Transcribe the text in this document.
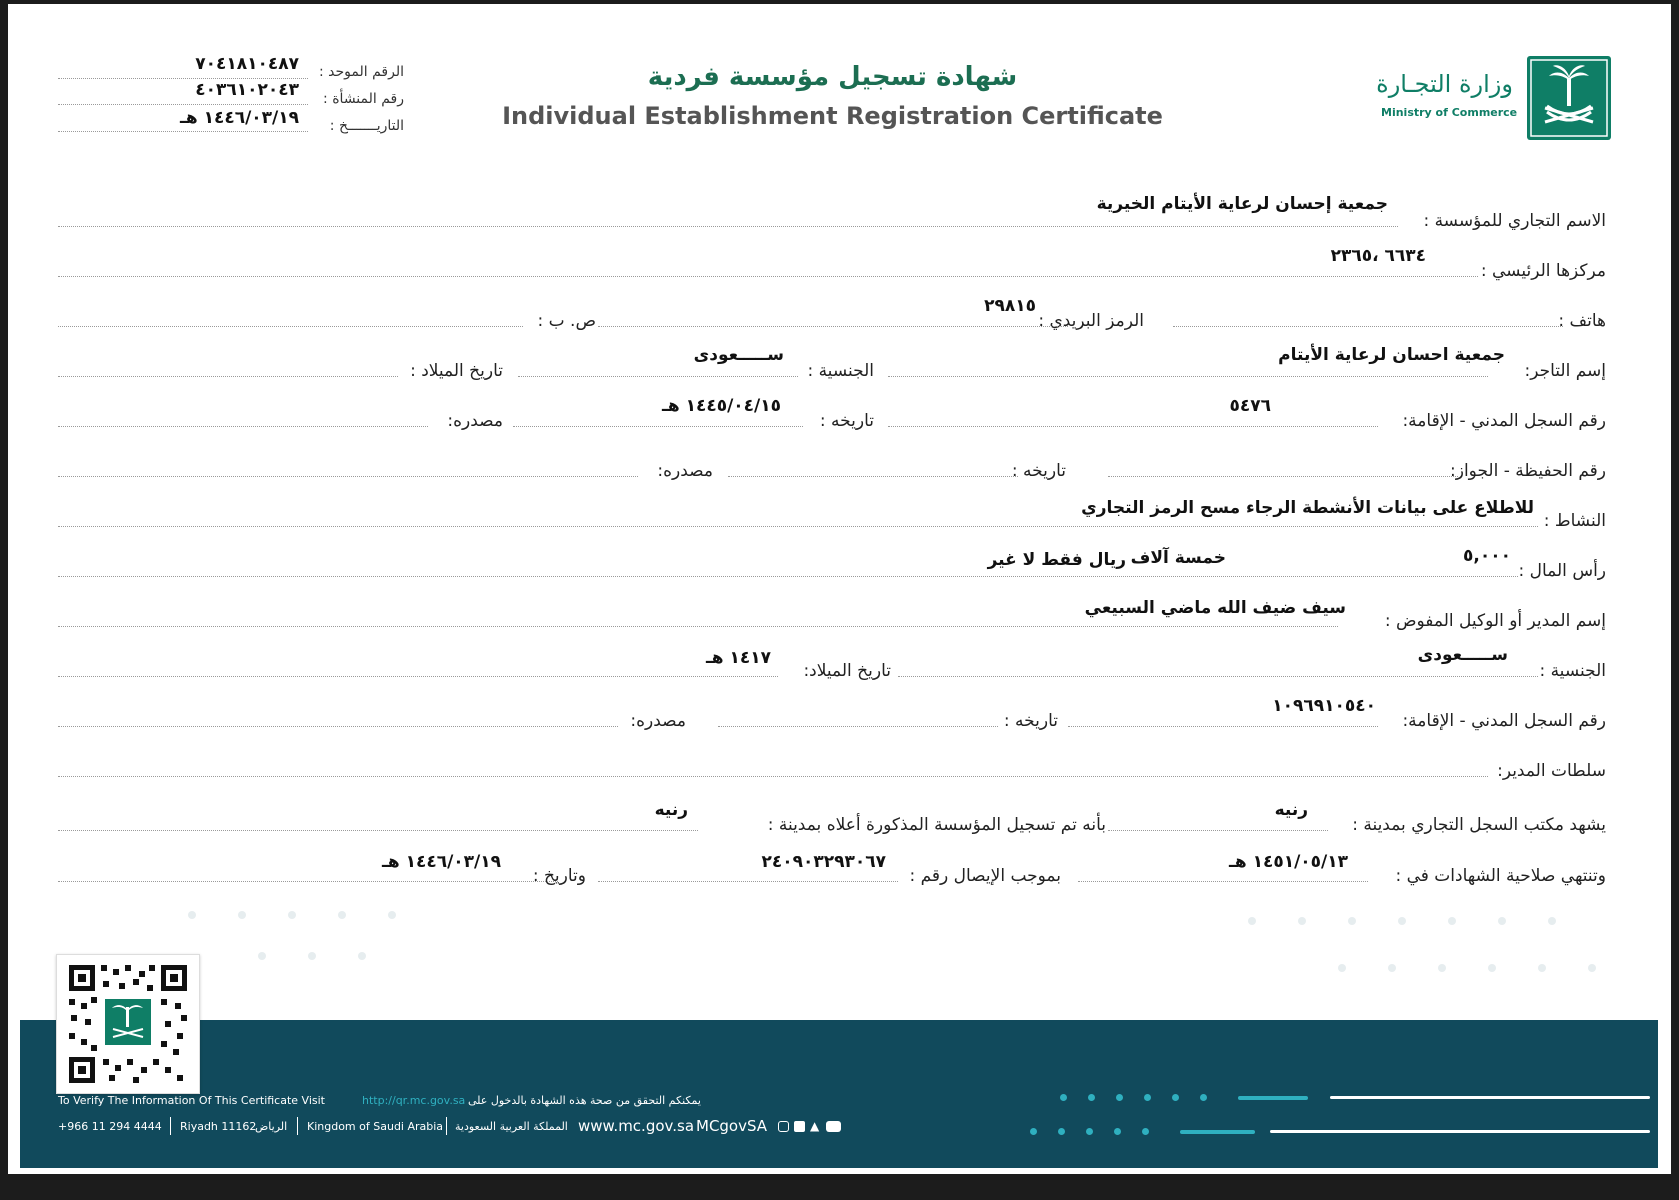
وزارة التجـارة
Ministry of Commerce
شهادة تسجيل مؤسسة فردية
Individual Establishment Registration Certificate
الرقم الموحد :
٧٠٤١٨١٠٤٨٧
رقم المنشأة :
٤٠٣٦١٠٢٠٤٣
التاريـــــــخ :
١٤٤٦/٠٣/١٩ هـ
الاسم التجاري للمؤسسة :
جمعية إحسان لرعاية الأيتام الخيرية
مركزها الرئيسي :
٦٦٣٤ ،٢٣٦٥
هاتف :
الرمز البريدي :
٢٩٨١٥
ص. ب :
إسم التاجر:
جمعية احسان لرعاية الأيتام
الجنسية :
ســـــعودى
تاريخ الميلاد :
رقم السجل المدني - الإقامة:
٥٤٧٦
تاريخه :
١٤٤٥/٠٤/١٥ هـ
مصدره:
رقم الحفيظة - الجواز:
تاريخه :
مصدره:
النشاط :
للاطلاع على بيانات الأنشطة الرجاء مسح الرمز التجاري
رأس المال :
٥,٠٠٠
خمسة آلاف
ريال فقط لا غير
إسم المدير أو الوكيل المفوض :
سيف ضيف الله ماضي السبيعي
الجنسية :
ســـــعودى
تاريخ الميلاد:
١٤١٧ هـ
رقم السجل المدني - الإقامة:
١٠٩٦٩١٠٥٤٠
تاريخه :
مصدره:
سلطات المدير:
يشهد مكتب السجل التجاري بمدينة :
رنيه
بأنه تم تسجيل المؤسسة المذكورة أعلاه بمدينة :
رنيه
وتنتهي صلاحية الشهادات في :
١٤٥١/٠٥/١٣ هـ
بموجب الإيصال رقم :
٢٤٠٩٠٣٢٩٣٠٦٧
وتاريخ :
١٤٤٦/٠٣/١٩ هـ
To Verify The Information Of This Certificate Visit	http://qr.mc.gov.sa يمكنكم التحقق من صحة هذه الشهادة بالدخول على
+966 11 294 4444 Riyadh 11162
الرياض Kingdom of Saudi Arabia المملكة العربية السعودية www.mc.gov.sa MCgovSA	▲
